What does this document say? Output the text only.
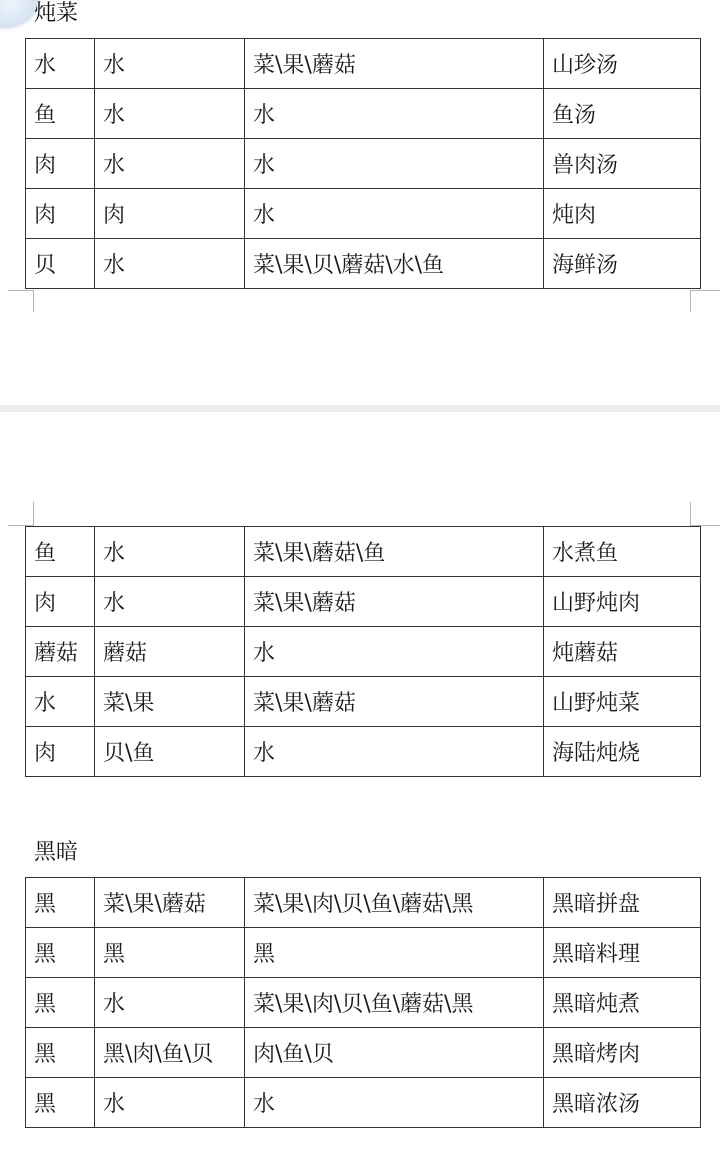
炖菜
水	水	菜\果\蘑菇	山珍汤
鱼	水	水	鱼汤
肉	水	水	兽肉汤
肉	肉	水	炖肉
贝	水	菜\果\贝\蘑菇\水\鱼	海鲜汤
鱼	水	菜\果\蘑菇\鱼	水煮鱼
肉	水	菜\果\蘑菇	山野炖肉
蘑菇	蘑菇	水	炖蘑菇
水	菜\果	菜\果\蘑菇	山野炖菜
肉	贝\鱼	水	海陆炖烧
黑暗
黑	菜\果\蘑菇	菜\果\肉\贝\鱼\蘑菇\黑	黑暗拼盘
黑	黑	黑	黑暗料理
黑	水	菜\果\肉\贝\鱼\蘑菇\黑	黑暗炖煮
黑	黑\肉\鱼\贝	肉\鱼\贝	黑暗烤肉
黑	水	水	黑暗浓汤
